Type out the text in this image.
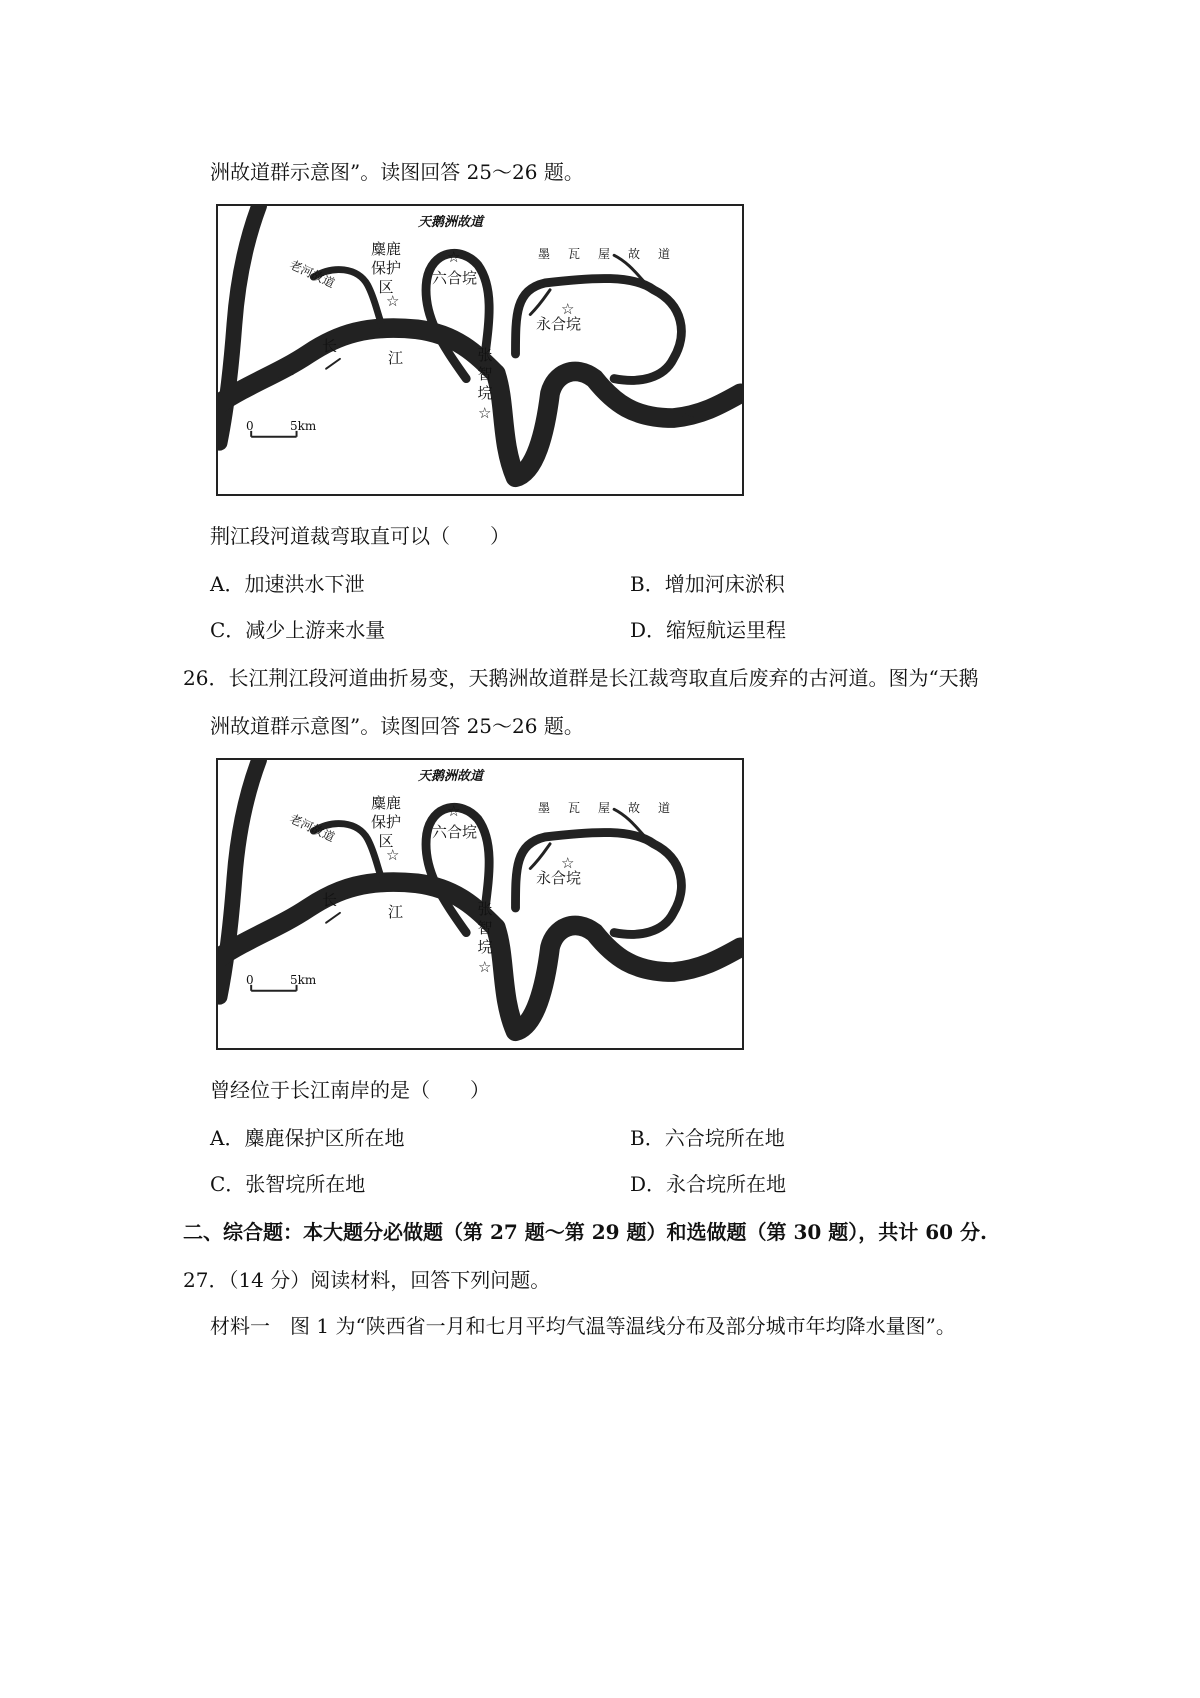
洲故道群示意图”。读图回答 25～26 题。
天鹅洲故道
麋鹿保护区
老河故道	六合垸
☆
☆
墨瓦屋故道
☆
永合垸
张智垸
☆
长
江
0	5km
荆江段河道裁弯取直可以（　　）
A．加速洪水下泄	B．增加河床淤积
C．减少上游来水量	D．缩短航运里程
26．长江荆江段河道曲折易变，天鹅洲故道群是长江裁弯取直后废弃的古河道。图为“天鹅
洲故道群示意图”。读图回答 25～26 题。
天鹅洲故道
麋鹿保护区
老河故道	六合垸
☆
☆
墨瓦屋故道
☆
永合垸
张智垸
☆
长
江
0	5km
曾经位于长江南岸的是（　　）
A．麋鹿保护区所在地	B．六合垸所在地
C．张智垸所在地	D．永合垸所在地
二、综合题：本大题分必做题（第 27 题～第 29 题）和选做题（第 30 题），共计 60 分.
27．（14 分）阅读材料，回答下列问题。
材料一　图 1 为“陕西省一月和七月平均气温等温线分布及部分城市年均降水量图”。
